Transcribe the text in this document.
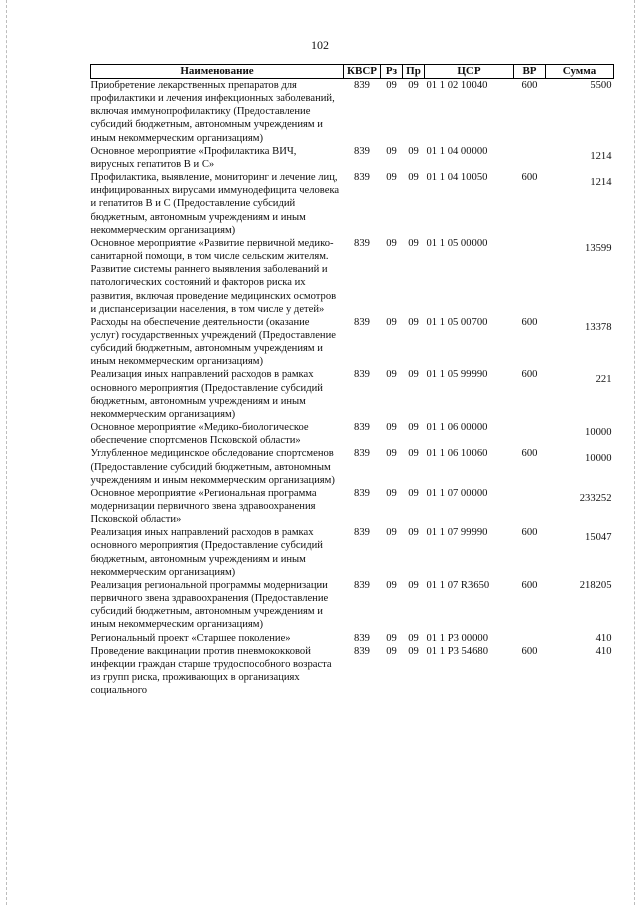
102
Наименование	КВСР	Рз	Пр	ЦСР	ВР	Сумма
Приобретение лекарственных препаратов для профилактики и лечения инфекционных заболеваний, включая иммунопрофилактику (Предоставление субсидий бюджетным, автономным учреждениям и иным некоммерческим организациям)	839	09	09	01 1 02 10040	600	5500
Основное мероприятие «Профилактика ВИЧ, вирусных гепатитов В и С»	839	09	09	01 1 04 00000		1214
Профилактика, выявление, мониторинг и лечение лиц, инфицированных вирусами иммунодефицита человека и гепатитов В и С (Предоставление субсидий бюджетным, автономным учреждениям и иным некоммерческим организациям)	839	09	09	01 1 04 10050	600	1214
Основное мероприятие «Развитие первичной медико-санитарной помощи, в том числе сельским жителям. Развитие системы раннего выявления заболеваний и патологических состояний и факторов риска их развития, включая проведение медицинских осмотров и диспансеризации населения, в том числе у детей»	839	09	09	01 1 05 00000		13599
Расходы на обеспечение деятельности (оказание услуг) государственных учреждений (Предоставление субсидий бюджетным, автономным учреждениям и иным некоммерческим организациям)	839	09	09	01 1 05 00700	600	13378
Реализация иных направлений расходов в рамках основного мероприятия (Предоставление субсидий бюджетным, автономным учреждениям и иным некоммерческим организациям)	839	09	09	01 1 05 99990	600	221
Основное мероприятие «Медико-биологическое обеспечение спортсменов Псковской области»	839	09	09	01 1 06 00000		10000
Углубленное медицинское обследование спортсменов (Предоставление субсидий бюджетным, автономным учреждениям и иным некоммерческим организациям)	839	09	09	01 1 06 10060	600	10000
Основное мероприятие «Региональная программа модернизации первичного звена здравоохранения Псковской области»	839	09	09	01 1 07 00000		233252
Реализация иных направлений расходов в рамках основного мероприятия (Предоставление субсидий бюджетным, автономным учреждениям и иным некоммерческим организациям)	839	09	09	01 1 07 99990	600	15047
Реализация региональной программы модернизации первичного звена здравоохранения (Предоставление субсидий бюджетным, автономным учреждениям и иным некоммерческим организациям)	839	09	09	01 1 07 R3650	600	218205
Региональный проект «Старшее поколение»	839	09	09	01 1 P3 00000		410
Проведение вакцинации против пневмококковой инфекции граждан старше трудоспособного возраста из групп риска, проживающих в организациях социального	839	09	09	01 1 P3 54680	600	410
